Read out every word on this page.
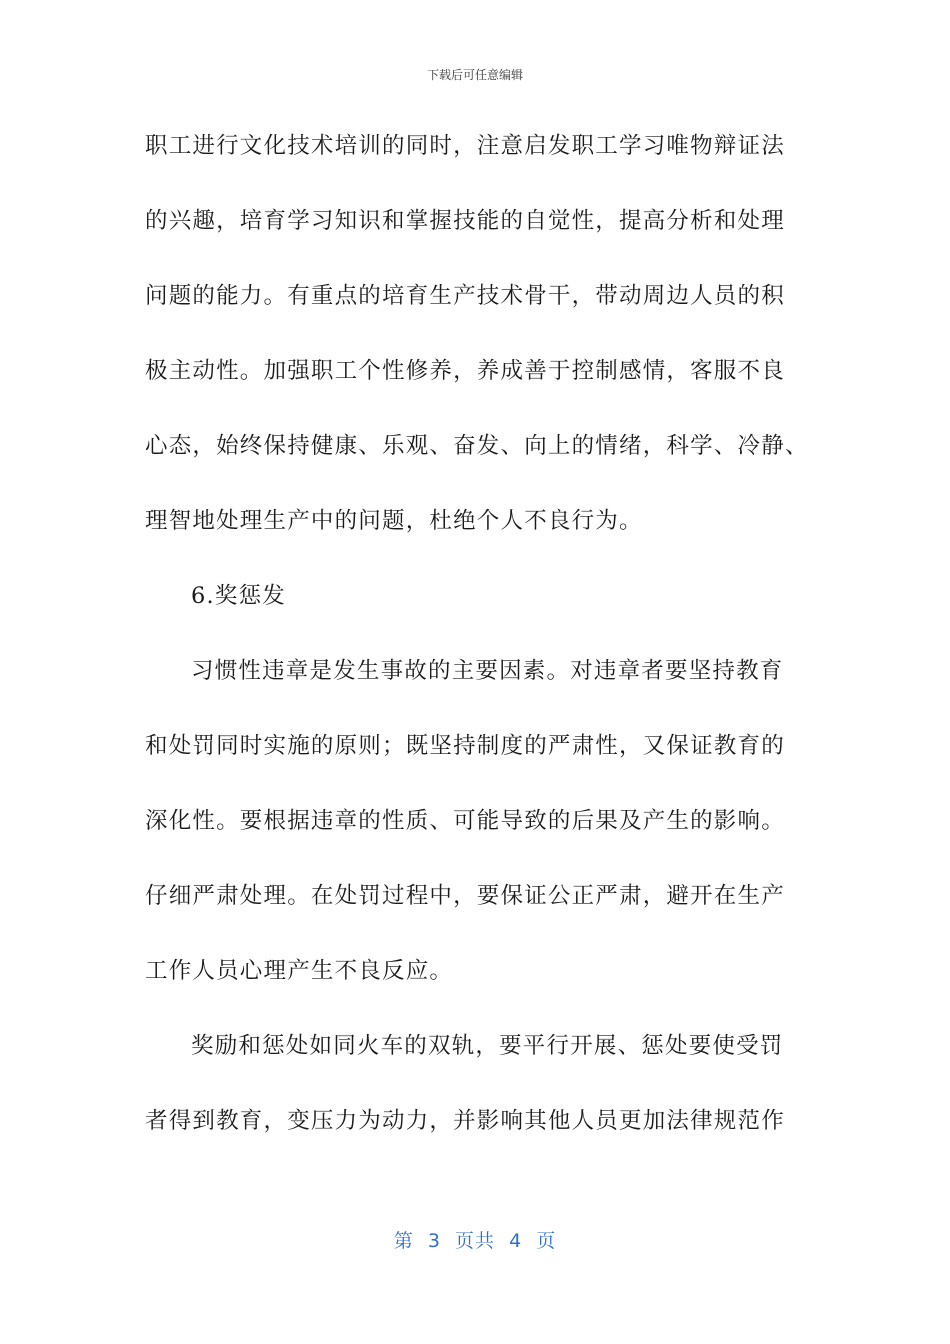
下载后可任意编辑
职工进行文化技术培训的同时，注意启发职工学习唯物辩证法
的兴趣，培育学习知识和掌握技能的自觉性，提高分析和处理
问题的能力。有重点的培育生产技术骨干，带动周边人员的积
极主动性。加强职工个性修养，养成善于控制感情，客服不良
心态，始终保持健康、乐观、奋发、向上的情绪，科学、冷静、
理智地处理生产中的问题，杜绝个人不良行为。
6.奖惩发
习惯性违章是发生事故的主要因素。对违章者要坚持教育
和处罚同时实施的原则；既坚持制度的严肃性，又保证教育的
深化性。要根据违章的性质、可能导致的后果及产生的影响。
仔细严肃处理。在处罚过程中，要保证公正严肃，避开在生产
工作人员心理产生不良反应。
奖励和惩处如同火车的双轨，要平行开展、惩处要使受罚
者得到教育，变压力为动力，并影响其他人员更加法律规范作
第  3  页共  4  页
